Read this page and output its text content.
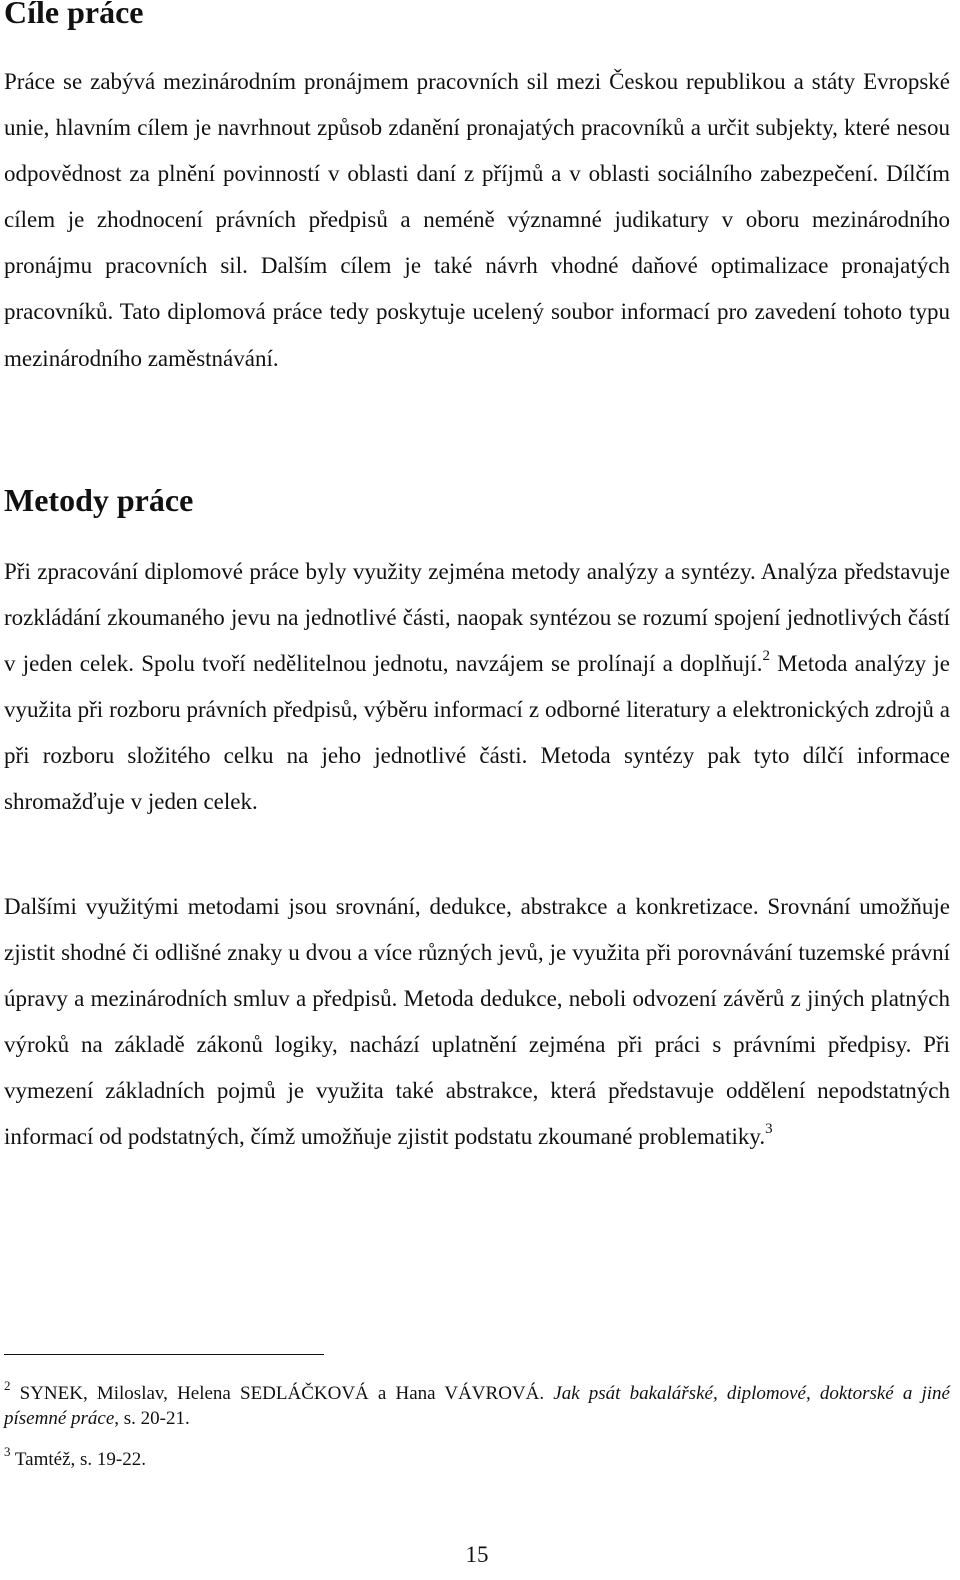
Cíle práce

Práce se zabývá mezinárodním pronájmem pracovních sil mezi Českou republikou a státy Evropské unie, hlavním cílem je navrhnout způsob zdanění pronajatých pracovníků a určit subjekty, které nesou odpovědnost za plnění povinností v oblasti daní z příjmů a v oblasti sociálního zabezpečení. Dílčím cílem je zhodnocení právních předpisů a neméně významné judikatury v oboru mezinárodního pronájmu pracovních sil. Dalším cílem je také návrh vhodné daňové optimalizace pronajatých pracovníků. Tato diplomová práce tedy poskytuje ucelený soubor informací pro zavedení tohoto typu mezinárodního zaměstnávání.

Metody práce

Při zpracování diplomové práce byly využity zejména metody analýzy a syntézy. Analýza představuje rozkládání zkoumaného jevu na jednotlivé části, naopak syntézou se rozumí spojení jednotlivých částí v jeden celek. Spolu tvoří nedělitelnou jednotu, navzájem se prolínají a doplňují.$^2$ Metoda analýzy je využita při rozboru právních předpisů, výběru informací z odborné literatury a elektronických zdrojů a při rozboru složitého celku na jeho jednotlivé části. Metoda syntézy pak tyto dílčí informace shromažďuje v jeden celek.

Dalšími využitými metodami jsou srovnání, dedukce, abstrakce a konkretizace. Srovnání umožňuje zjistit shodné či odlišné znaky u dvou a více různých jevů, je využita při porovnávání tuzemské právní úpravy a mezinárodních smluv a předpisů. Metoda dedukce, neboli odvození závěrů z jiných platných výroků na základě zákonů logiky, nachází uplatnění zejména při práci s právními předpisy. Při vymezení základních pojmů je využita také abstrakce, která představuje oddělení nepodstatných informací od podstatných, čímž umožňuje zjistit podstatu zkoumané problematiky.$^3$

$^2$ SYNEK, Miloslav, Helena SEDLÁČKOVÁ a Hana VÁVROVÁ. Jak psát bakalářské, diplomové, doktorské a jiné písemné práce, s. 20-21.

$^3$ Tamtéž, s. 19-22.

15
